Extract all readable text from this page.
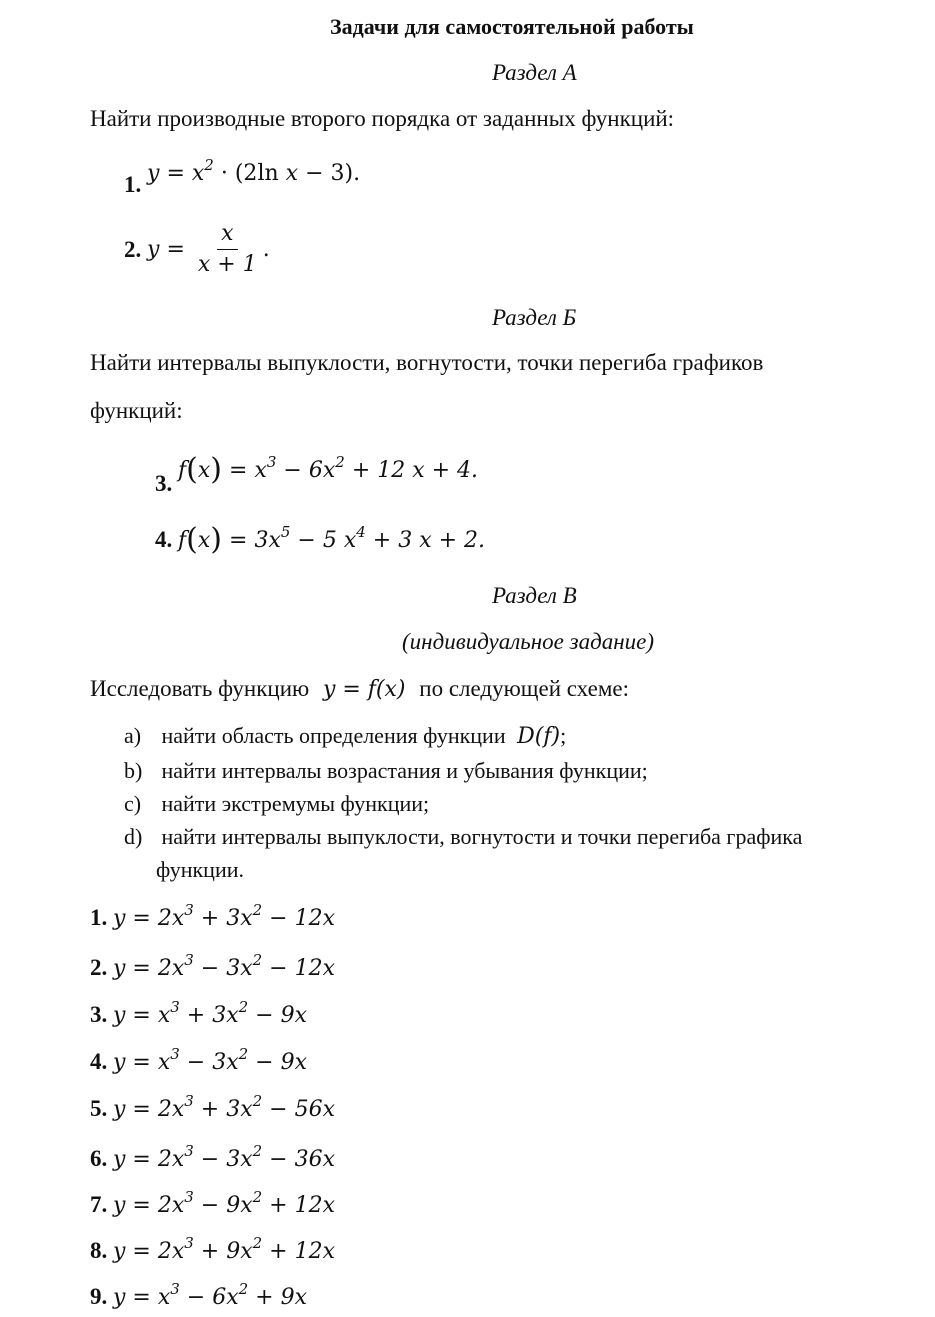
Задачи для самостоятельной работы
Раздел А
Найти производные второго порядка от заданных функций:
1. $y = x^2 \cdot (2\ln$ x − 3).
2. $y = \frac{x}{x + 1}$ .
Раздел Б
Найти интервалы выпуклости, вогнутости, точки перегиба графиков
функций:
3. $f(x) = x^3 - 6x^2 + 12$ x + 4.
4. $f(x) = 3x^5 - 5$ $x^4 + 3$ x + 2.
Раздел В
(индивидуальное задание)
Исследовать функцию y = f(x) по следующей схеме:
a) найти область определения функции D(f);
b) найти интервалы возрастания и убывания функции;
c) найти экстремумы функции;
d) найти интервалы выпуклости, вогнутости и точки перегиба графика
функции.
1. $y = 2x^3 + 3x^2 - 12x$
2. $y = 2x^3 - 3x^2 - 12x$
3. $y = x^3 + 3x^2 - 9x$
4. $y = x^3 - 3x^2 - 9x$
5. $y = 2x^3 + 3x^2 - 56x$
6. $y = 2x^3 - 3x^2 - 36x$
7. $y = 2x^3 - 9x^2 + 12x$
8. $y = 2x^3 + 9x^2 + 12x$
9. $y = x^3 - 6x^2 + 9x$
